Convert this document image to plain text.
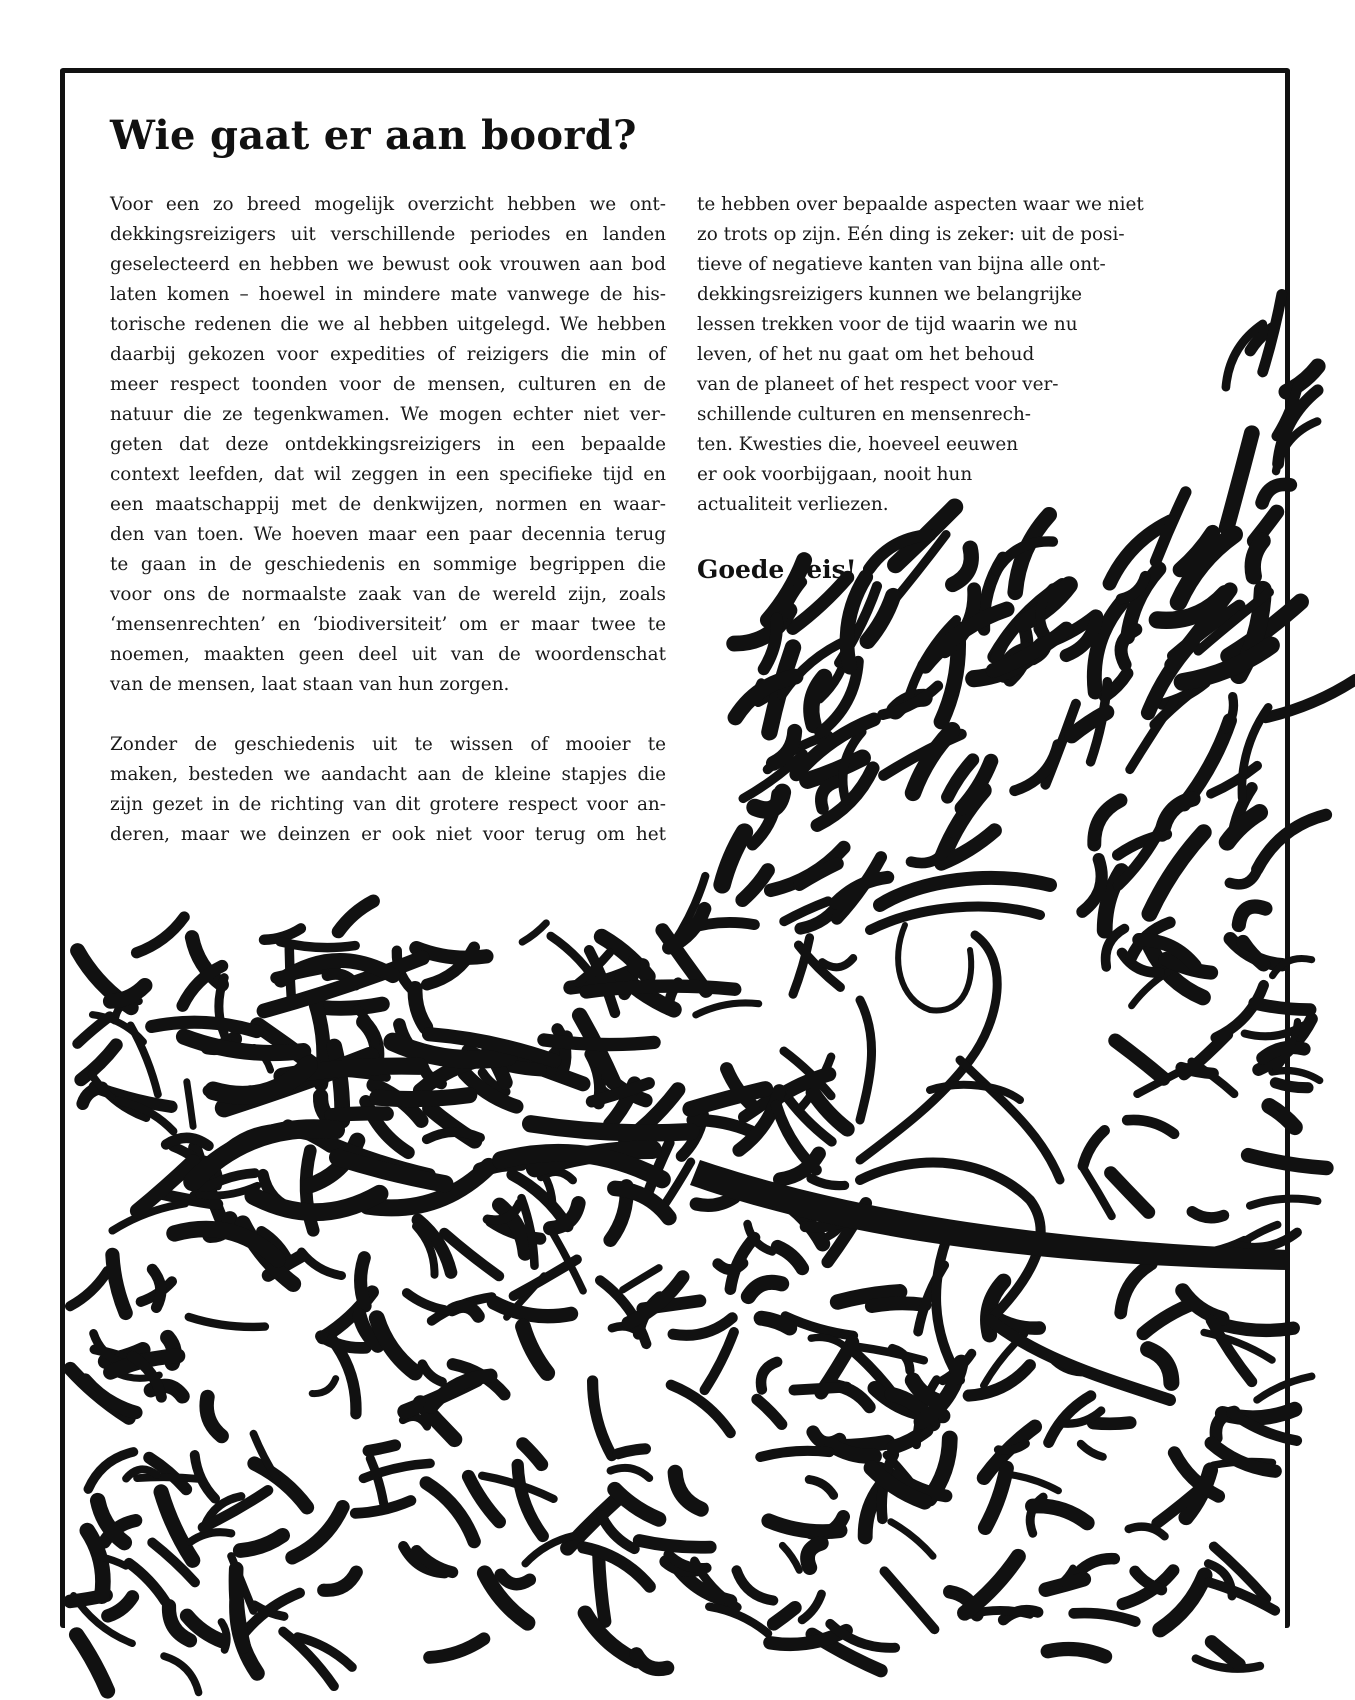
Wie gaat er aan boord?

Voor een zo breed mogelijk overzicht hebben we ont-
dekkingsreizigers uit verschillende periodes en landen
geselecteerd en hebben we bewust ook vrouwen aan bod
laten komen – hoewel in mindere mate vanwege de his-
torische redenen die we al hebben uitgelegd. We hebben
daarbij gekozen voor expedities of reizigers die min of
meer respect toonden voor de mensen, culturen en de
natuur die ze tegenkwamen. We mogen echter niet ver-
geten dat deze ontdekkingsreizigers in een bepaalde
context leefden, dat wil zeggen in een specifieke tijd en
een maatschappij met de denkwijzen, normen en waar-
den van toen. We hoeven maar een paar decennia terug
te gaan in de geschiedenis en sommige begrippen die
voor ons de normaalste zaak van de wereld zijn, zoals
‘mensenrechten’ en ‘biodiversiteit’ om er maar twee te
noemen, maakten geen deel uit van de woordenschat
van de mensen, laat staan van hun zorgen.

Zonder de geschiedenis uit te wissen of mooier te
maken, besteden we aandacht aan de kleine stapjes die
zijn gezet in de richting van dit grotere respect voor an-
deren, maar we deinzen er ook niet voor terug om het

te hebben over bepaalde aspecten waar we niet
zo trots op zijn. Eén ding is zeker: uit de posi-
tieve of negatieve kanten van bijna alle ont-
dekkingsreizigers kunnen we belangrijke
lessen trekken voor de tijd waarin we nu
leven, of het nu gaat om het behoud
van de planeet of het respect voor ver-
schillende culturen en mensenrech-
ten. Kwesties die, hoeveel eeuwen
er ook voorbijgaan, nooit hun
actualiteit verliezen.

Goede reis!
